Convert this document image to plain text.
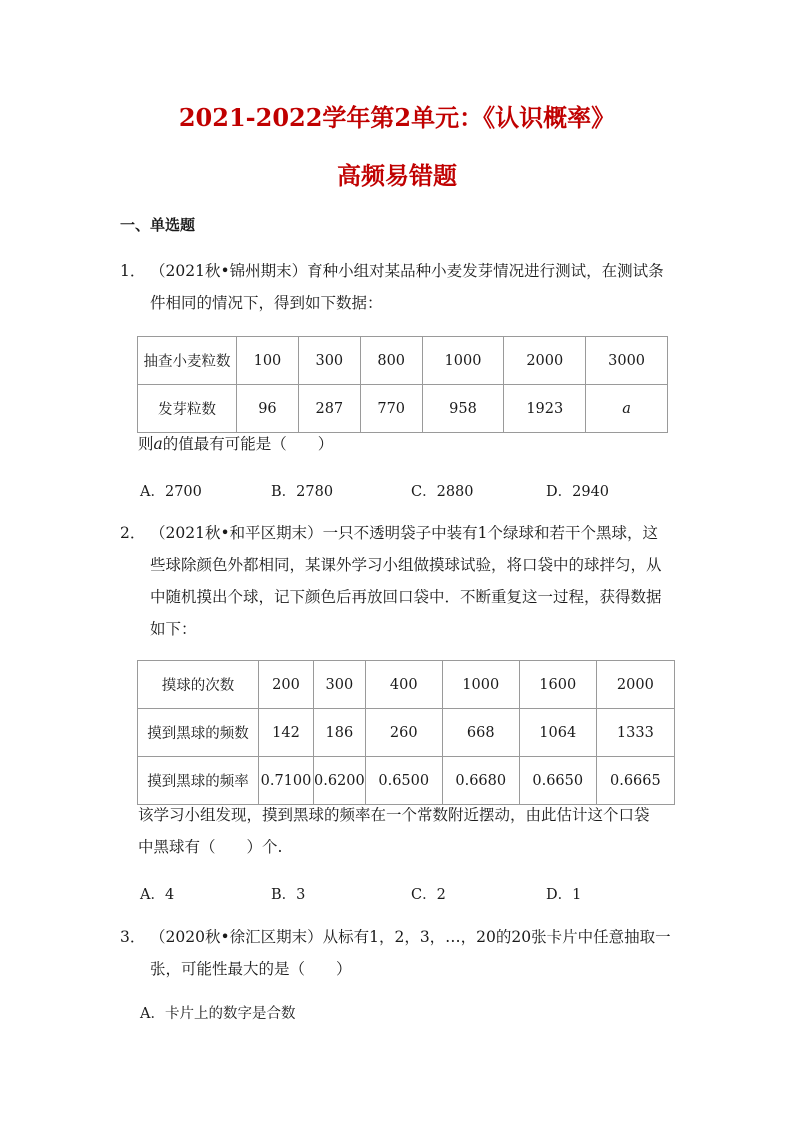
2021-2022学年第2单元：《认识概率》
高频易错题
一、单选题
1． （2021秋•锦州期末）育种小组对某品种小麦发芽情况进行测试，在测试条
件相同的情况下，得到如下数据：
抽查小麦粒数	100	300	800	1000	2000	3000
发芽粒数	96	287	770	958	1923	a
则a的值最有可能是（　　）
A．2700	B．2780	C．2880	D．2940
2． （2021秋•和平区期末）一只不透明袋子中装有1个绿球和若干个黑球，这
些球除颜色外都相同，某课外学习小组做摸球试验，将口袋中的球拌匀，从
中随机摸出个球，记下颜色后再放回口袋中．不断重复这一过程，获得数据
如下：
摸球的次数	200	300	400	1000	1600	2000
摸到黑球的频数	142	186	260	668	1064	1333
摸到黑球的频率	0.7100	0.6200	0.6500	0.6680	0.6650	0.6665
该学习小组发现，摸到黑球的频率在一个常数附近摆动，由此估计这个口袋
中黑球有（　　）个.
A．4	B．3	C．2	D．1
3． （2020秋•徐汇区期末）从标有1，2，3，…，20的20张卡片中任意抽取一
张，可能性最大的是（　　）
A．卡片上的数字是合数
